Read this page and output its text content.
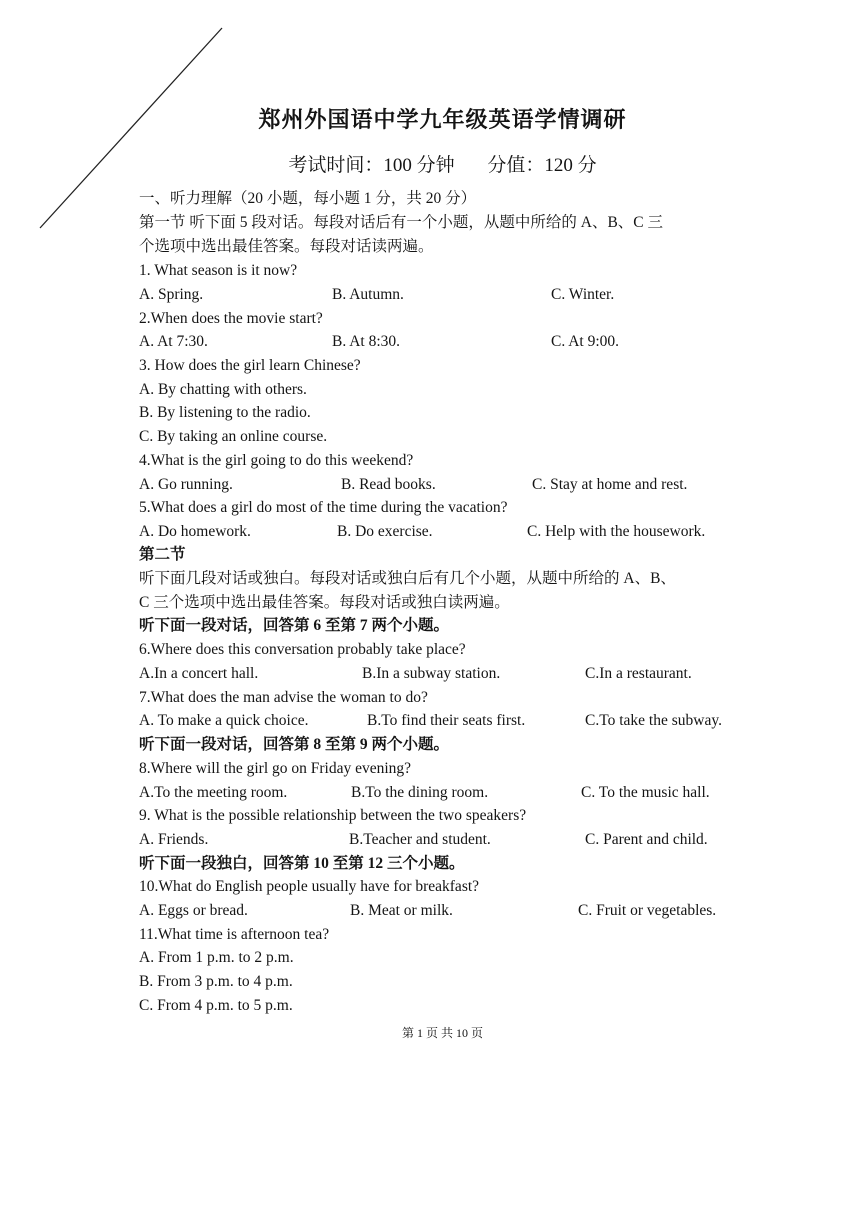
郑州外国语中学九年级英语学情调研
考试时间：100 分钟 分值：120 分
一、听力理解（20 小题，每小题 1 分，共 20 分）
第一节 听下面 5 段对话。每段对话后有一个小题，从题中所给的 A、B、C 三
个选项中选出最佳答案。每段对话读两遍。
1. What season is it now?
A. Spring.	B. Autumn.	C. Winter.
2.When does the movie start?
A. At 7:30.	B. At 8:30.	C. At 9:00.
3. How does the girl learn Chinese?
A. By chatting with others.
B. By listening to the radio.
C. By taking an online course.
4.What is the girl going to do this weekend?
A. Go running.	B. Read books.	C. Stay at home and rest.
5.What does a girl do most of the time during the vacation?
A. Do homework.	B. Do exercise.	C. Help with the housework.
第二节
听下面几段对话或独白。每段对话或独白后有几个小题，从题中所给的 A、B、
C 三个选项中选出最佳答案。每段对话或独白读两遍。
听下面一段对话，回答第 6 至第 7 两个小题。
6.Where does this conversation probably take place?
A.In a concert hall.	B.In a subway station.	C.In a restaurant.
7.What does the man advise the woman to do?
A. To make a quick choice.	B.To find their seats first.	C.To take the subway.
听下面一段对话，回答第 8 至第 9 两个小题。
8.Where will the girl go on Friday evening?
A.To the meeting room.	B.To the dining room.	C. To the music hall.
9. What is the possible relationship between the two speakers?
A. Friends.	B.Teacher and student.	C. Parent and child.
听下面一段独白，回答第 10 至第 12 三个小题。
10.What do English people usually have for breakfast?
A. Eggs or bread.	B. Meat or milk.	C. Fruit or vegetables.
11.What time is afternoon tea?
A. From 1 p.m. to 2 p.m.
B. From 3 p.m. to 4 p.m.
C. From 4 p.m. to 5 p.m.
第 1 页 共 10 页
